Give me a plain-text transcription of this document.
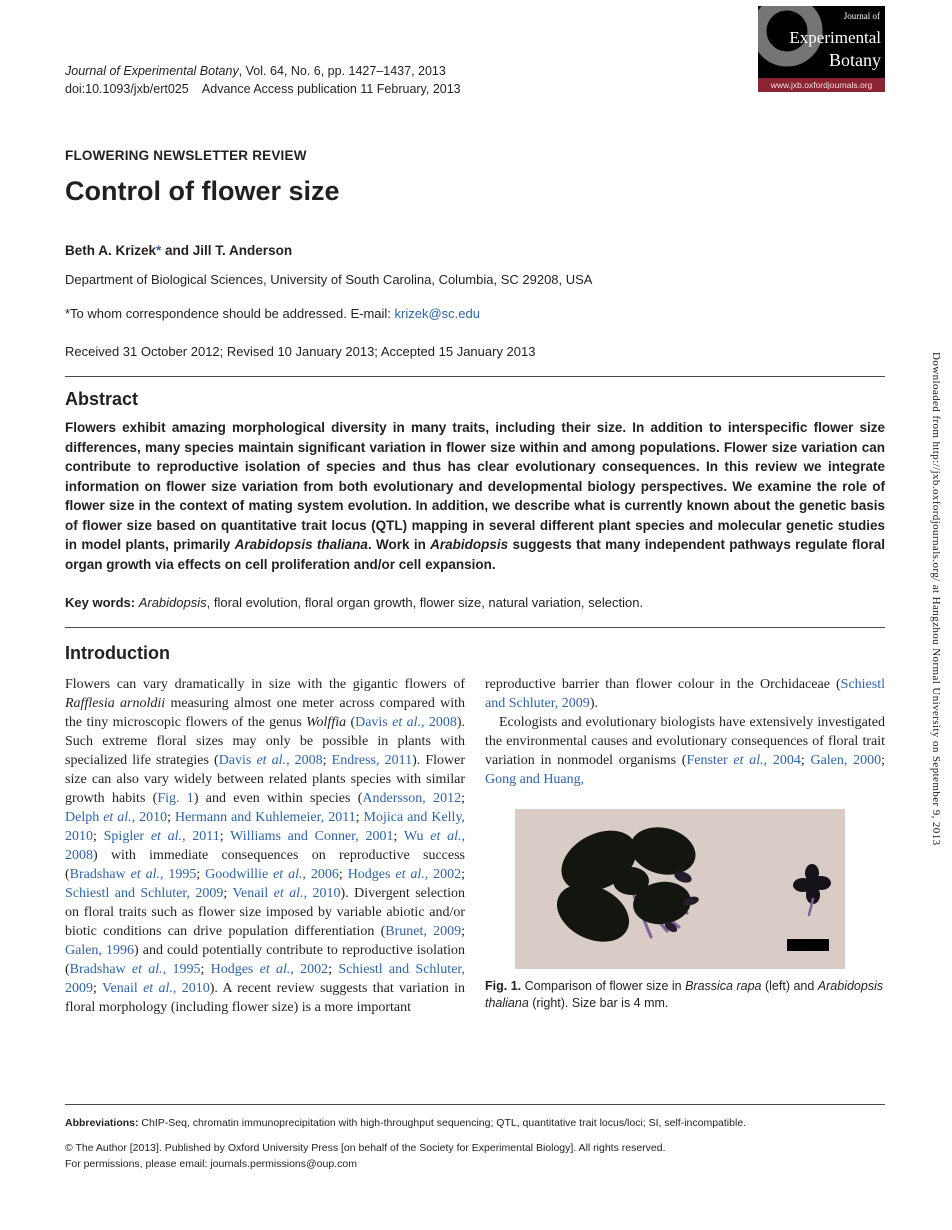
Journal of Experimental Botany, Vol. 64, No. 6, pp. 1427–1437, 2013
doi:10.1093/jxb/ert025    Advance Access publication 11 February, 2013
Journal of
Experimental
Botany
www.jxb.oxfordjournals.org
FLOWERING NEWSLETTER REVIEW
Control of flower size
Beth A. Krizek* and Jill T. Anderson
Department of Biological Sciences, University of South Carolina, Columbia, SC 29208, USA
*To whom correspondence should be addressed. E-mail: krizek@sc.edu
Received 31 October 2012; Revised 10 January 2013; Accepted 15 January 2013
Abstract
Flowers exhibit amazing morphological diversity in many traits, including their size. In addition to interspecific flower size differences, many species maintain significant variation in flower size within and among populations. Flower size variation can contribute to reproductive isolation of species and thus has clear evolutionary consequences. In this review we integrate information on flower size variation from both evolutionary and developmental biology perspectives. We examine the role of flower size in the context of mating system evolution. In addition, we describe what is currently known about the genetic basis of flower size based on quantitative trait locus (QTL) mapping in several different plant species and molecular genetic studies in model plants, primarily Arabidopsis thaliana. Work in Arabidopsis suggests that many independent pathways regulate floral organ growth via effects on cell proliferation and/or cell expansion.
Key words: Arabidopsis, floral evolution, floral organ growth, flower size, natural variation, selection.
Introduction

Flowers can vary dramatically in size with the gigantic flowers of Rafflesia arnoldii measuring almost one meter across compared with the tiny microscopic flowers of the genus Wolffia (Davis et al., 2008). Such extreme floral sizes may only be possible in plants with specialized life strategies (Davis et al., 2008; Endress, 2011). Flower size can also vary widely between related plants species with similar growth habits (Fig. 1) and even within species (Andersson, 2012; Delph et al., 2010; Hermann and Kuhlemeier, 2011; Mojica and Kelly, 2010; Spigler et al., 2011; Williams and Conner, 2001; Wu et al., 2008) with immediate consequences on reproductive success (Bradshaw et al., 1995; Goodwillie et al., 2006; Hodges et al., 2002; Schiestl and Schluter, 2009; Venail et al., 2010). Divergent selection on floral traits such as flower size imposed by variable abiotic and/or biotic conditions can drive population differentiation (Brunet, 2009; Galen, 1996) and could potentially contribute to reproductive isolation (Bradshaw et al., 1995; Hodges et al., 2002; Schiestl and Schluter, 2009; Venail et al., 2010). A recent review suggests that variation in floral morphology (including flower size) is a more important

reproductive barrier than flower colour in the Orchidaceae (Schiestl and Schluter, 2009).

Ecologists and evolutionary biologists have extensively investigated the environmental causes and evolutionary consequences of floral trait variation in nonmodel organisms (Fenster et al., 2004; Galen, 2000; Gong and Huang,

Fig. 1. Comparison of flower size in Brassica rapa (left) and Arabidopsis thaliana (right). Size bar is 4 mm.
Abbreviations: ChIP-Seq, chromatin immunoprecipitation with high-throughput sequencing; QTL, quantitative trait locus/loci; SI, self-incompatible.
© The Author [2013]. Published by Oxford University Press [on behalf of the Society for Experimental Biology]. All rights reserved.
For permissions, please email: journals.permissions@oup.com
Downloaded from http://jxb.oxfordjournals.org/ at Hangzhou Normal University on September 9, 2013
